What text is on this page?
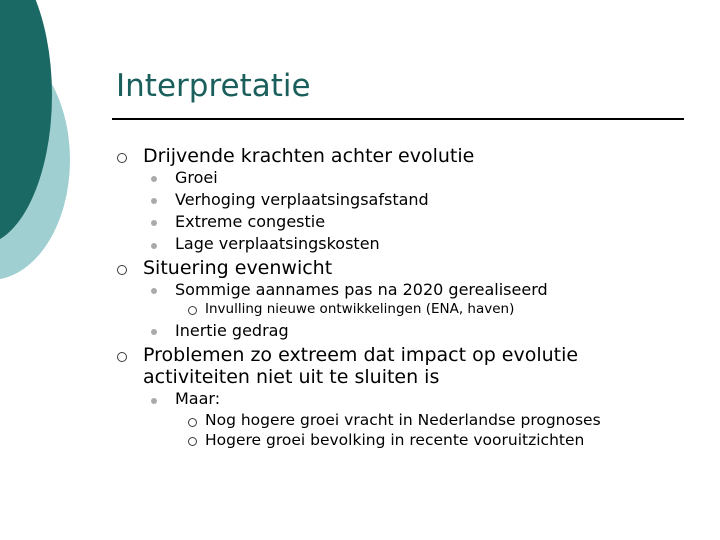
Interpretatie
Drijvende krachten achter evolutie
Groei
Verhoging verplaatsingsafstand
Extreme congestie
Lage verplaatsingskosten
Situering evenwicht
Sommige aannames pas na 2020 gerealiseerd
Invulling nieuwe ontwikkelingen (ENA, haven)
Inertie gedrag
Problemen zo extreem dat impact op evolutie
activiteiten niet uit te sluiten is
Maar:
Nog hogere groei vracht in Nederlandse prognoses
Hogere groei bevolking in recente vooruitzichten
